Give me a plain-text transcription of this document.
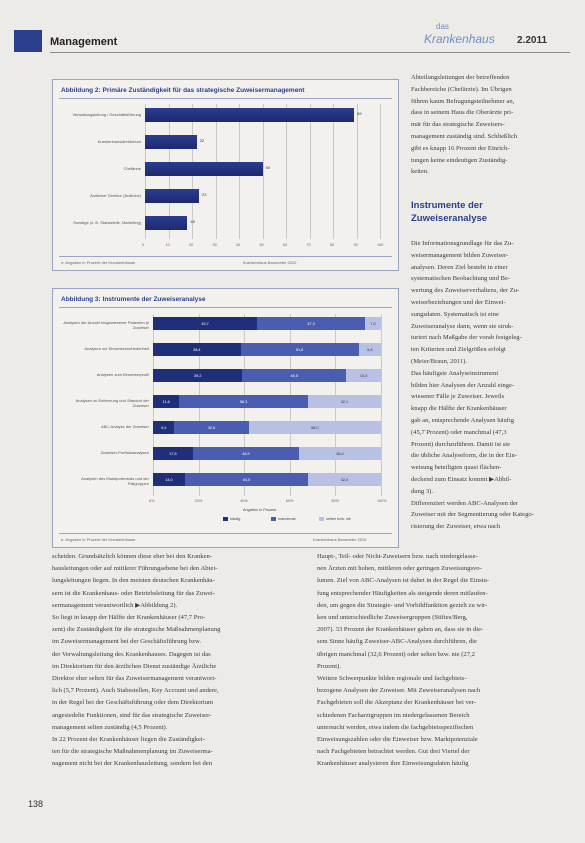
Management
das
Krankenhaus 2.2011
Abbildung 2: Primäre Zuständigkeit für das strategische Zuweisermanagement
0	10	20	30	40	50	60	70	80	90	100
Verwaltungsleitung / Geschäftsführung	89
Krankenhausdirektorium	22
Chefärzte	50
Ärztlicher Direktor (Ärztliche)	23
Sonstige (z. B. Stabsstelle, Marketing)	18
n: Angaben in Prozent der Krankenhäuser	Krankenhaus Barometer 2010
Abbildung 3: Instrumente der Zuweiseranalyse
0%	20%	40%	60%	80%	100%
Analysen der Anzahl eingewiesener Patienten je Zuweiser
45,7	47,3	7,0
Analysen zur Einweiserzufriedenheit	38,4	51,8	9,8
Analysen zum Einweiserprofil	39,2	45,5	15,3
Analysen zu Entfernung und Standort der Zuweiser
11,6	56,3	32,1
ABC-Analyse der Zuweiser	9,4	32,6	58,0
Zuweiser-Portfolioanalysen	17,5	46,5	36,0
Analysen des Marktpotenzials und der Fallgruppen
14,0	54,0	32,0
Angaben in Prozent
häufig	manchmal	selten bzw. nie
n: Angaben in Prozent der Krankenhäuser	Krankenhaus Barometer 2010
Abteilungsleitungen der betreffenden
Fachbereiche (Chefärzte). Im Übrigen
führen kaum Befragungsteilnehmer an,
dass in seinem Haus die Oberärzte pri-
mär für das strategische Zuweisers-
management zuständig sind. Schließlich
gibt es knapp 16 Prozent der Einrich-
tungen keine eindeutigen Zuständig-
keiten.
Instrumente der
Zuweiseranalyse
Die Informationsgrundlage für das Zu-
weisermanagement bilden Zuweiser-
analysen. Deren Ziel besteht in einer
systematischen Beobachtung und Be-
wertung des Zuweiserverhaltens, der Zu-
weiserbeziehungen und der Einwei-
sungsdaten. Systematisch ist eine
Zuweiseranalyse dann, wenn sie struk-
turiert nach Maßgabe der vorab festgeleg-
ten Kriterien und Zielgrößen erfolgt
(Meier/Braun, 2011).
Das häufigste Analyseinstrument
bilden hier Analysen der Anzahl einge-
wiesener Fälle je Zuweiser. Jeweils
knapp die Hälfte der Krankenhäuser
gab an, entsprechende Analysen häufig
(45,7 Prozent) oder manchmal (47,3
Prozent) durchzuführen. Damit ist sie
die übliche Analyseform, die in der Ein-
weisung beteiligten quasi flächen-
deckend zum Einsatz kommt ▶Abbil-
dung 3).
Differenziert werden ABC-Analysen der
Zuweiser mit der Segmentierung oder Katego-
risierung der Zuweiser, etwa nach
scheiden. Grundsätzlich können diese eher bei den Kranken-
hausleitungen oder auf mittlerer Führungsebene bei den Abtei-
lungsleitungen liegen. In den meisten deutschen Krankenhäu-
sern ist die Krankenhaus- oder Betriebsleitung für das Zuwei-
sermanagement verantwortlich ▶Abbildung 2).
So liegt in knapp der Hälfte der Krankenhäuser (47,7 Pro-
zent) die Zuständigkeit für die strategische Maßnahmenplanung
im Zuweisermanagement bei der Geschäftsführung bzw.
der Verwaltungsleitung des Krankenhauses. Dagegen ist das
im Direktorium für den ärztlichen Dienst zuständige Ärztliche
Direktor eher selten für das Zuweisermanagement verantwort-
lich (5,7 Prozent). Auch Stabsstellen, Key Account und andere,
in der Regel bei der Geschäftsführung oder dem Direktorium
angesiedelte Funktionen, sind für das strategische Zuweiser-
management selten zuständig (4,5 Prozent).
In 22 Prozent der Krankenhäuser liegen die Zuständigkei-
ten für die strategische Maßnahmenplanung im Zuweiserma-
nagement nicht bei der Krankenhausleitung, sondern bei den
Haupt-, Teil- oder Nicht-Zuweisern bzw. nach niedergelasse-
nen Ärzten mit hohen, mittleren oder geringen Zuweisungsvo-
lumen. Ziel von ABC-Analysen ist dabei in der Regel die Einstu-
fung entsprechender Häufigkeiten als steigende deren mitlaufen-
den, um gegen die Strategie- und Vorbildfunktion gezielt zu wir-
ken und unterschiedliche Zuweisergruppen (Stiftes/Berg,
2007). 33 Prozent der Krankenhäuser gaben an, dass sie in die-
sem Sinne häufig Zuweiser-ABC-Analysen durchführen, die
übrigen manchmal (32,6 Prozent) oder selten bzw. nie (27,2
Prozent).
Weitere Schwerpunkte bilden regionale und fachgebiets-
bezogene Analysen der Zuweiser. Mit Zuweiseranalysen nach
Fachgebieten soll die Akzeptanz der Krankenhäuser bei ver-
schiedenen Facharztgruppen im niedergelassenen Bereich
untersucht werden, etwa indem die fachgebietsspezifischen
Einweisungszahlen oder die Einweiser bzw. Marktpotenziale
nach Fachgebieten betrachtet werden. Gut drei Viertel der
Krankenhäuser analysieren ihre Einweisungsdaten häufig
138
